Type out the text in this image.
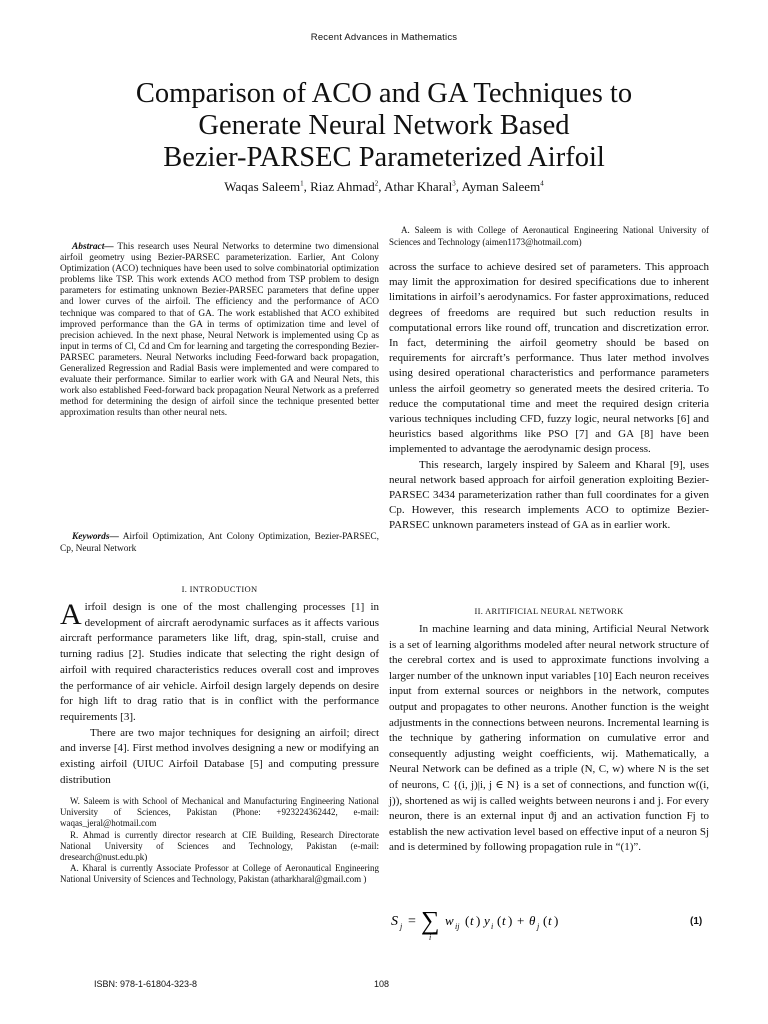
Recent Advances in Mathematics
Comparison of ACO and GA Techniques to
Generate Neural Network Based
Bezier-PARSEC Parameterized Airfoil
Waqas Saleem$^1$, Riaz Ahmad$^2$, Athar Kharal$^3$, Ayman Saleem$^4$

Abstract— This research uses Neural Networks to determine two dimensional airfoil geometry using Bezier-PARSEC parameterization. Earlier, Ant Colony Optimization (ACO) techniques have been used to solve combinatorial optimization problems like TSP. This work extends ACO method from TSP problem to design parameters for estimating unknown Bezier-PARSEC parameters that define upper and lower curves of the airfoil. The efficiency and the performance of ACO technique was compared to that of GA. The work established that ACO exhibited improved performance than the GA in terms of optimization time and level of precision achieved. In the next phase, Neural Network is implemented using Cp as input in terms of Cl, Cd and Cm for learning and targeting the corresponding Bezier-PARSEC parameters. Neural Networks including Feed-forward back propagation, Generalized Regression and Radial Basis were implemented and were compared to evaluate their performance. Similar to earlier work with GA and Neural Nets, this work also established Feed-forward back propagation Neural Network as a preferred method for determining the design of airfoil since the technique presented better approximation results than other neural nets.

Keywords— Airfoil Optimization, Ant Colony Optimization, Bezier-PARSEC, Cp, Neural Network

I. INTRODUCTION

Airfoil design is one of the most challenging processes [1] in development of aircraft aerodynamic surfaces as it affects various aircraft performance parameters like lift, drag, spin-stall, cruise and turning radius [2]. Studies indicate that selecting the right design of airfoil with required characteristics reduces overall cost and improves the performance of air vehicle. Airfoil design largely depends on desire for high lift to drag ratio that is in conflict with the performance requirements [3].

There are two major techniques for designing an airfoil; direct and inverse [4]. First method involves designing a new or modifying an existing airfoil (UIUC Airfoil Database [5] and computing pressure distribution

W. Saleem is with School of Mechanical and Manufacturing Engineering National University of Sciences, Pakistan (Phone: +923224362442, e-mail: waqas_jeral@hotmail.com

R. Ahmad is currently director research at CIE Building, Research Directorate National University of Sciences and Technology, Pakistan (e-mail: dresearch@nust.edu.pk)

A. Kharal is currently Associate Professor at College of Aeronautical Engineering National University of Sciences and Technology, Pakistan (atharkharal@gmail.com )

A. Saleem is with College of Aeronautical Engineering National University of Sciences and Technology (aimen1173@hotmail.com)

across the surface to achieve desired set of parameters. This approach may limit the approximation for desired specifications due to inherent limitations in airfoil’s aerodynamics. For faster approximations, reduced degrees of freedoms are required but such reduction results in computational errors like round off, truncation and discretization error. In fact, determining the airfoil geometry should be based on requirements for aircraft’s performance. Thus later method involves using desired operational characteristics and performance parameters unless the airfoil geometry so generated meets the desired criteria. To reduce the computational time and meet the required design criteria various techniques including CFD, fuzzy logic, neural networks [6] and heuristics based algorithms like PSO [7] and GA [8] have been implemented to advantage the aerodynamic design process.

This research, largely inspired by Saleem and Kharal [9], uses neural network based approach for airfoil generation exploiting Bezier-PARSEC 3434 parameterization rather than full coordinates for a given Cp. However, this research implements ACO to optimize Bezier-PARSEC unknown parameters instead of GA as in earlier work.

II. ARITIFICIAL NEURAL NETWORK

In machine learning and data mining, Artificial Neural Network is a set of learning algorithms modeled after neural network structure of the cerebral cortex and is used to approximate functions involving a larger number of the unknown input variables [10] Each neuron receives input from external sources or neighbors in the network, computes output and propagates to other neurons. Another function is the weight adjustments in the connections between neurons. Incremental learning is the technique by gathering information on cumulative error and consequently adjusting weight coefficients, wij. Mathematically, a Neural Network can be defined as a triple (N, C, w) where N is the set of neurons, C {(i, j)|i, j ∈ N} is a set of connections, and function w((i, j)), shortened as wij is called weights between neurons i and j. For every neuron, there is an external input ϑj and an activation function Fj to establish the new activation level based on effective input of a neuron Sj and is determined by following propagation rule in “(1)”.

S j = ∑
i
w ij ( t ) y i ( t ) + θ j ( t )	(1)
ISBN: 978-1-61804-323-8	108
